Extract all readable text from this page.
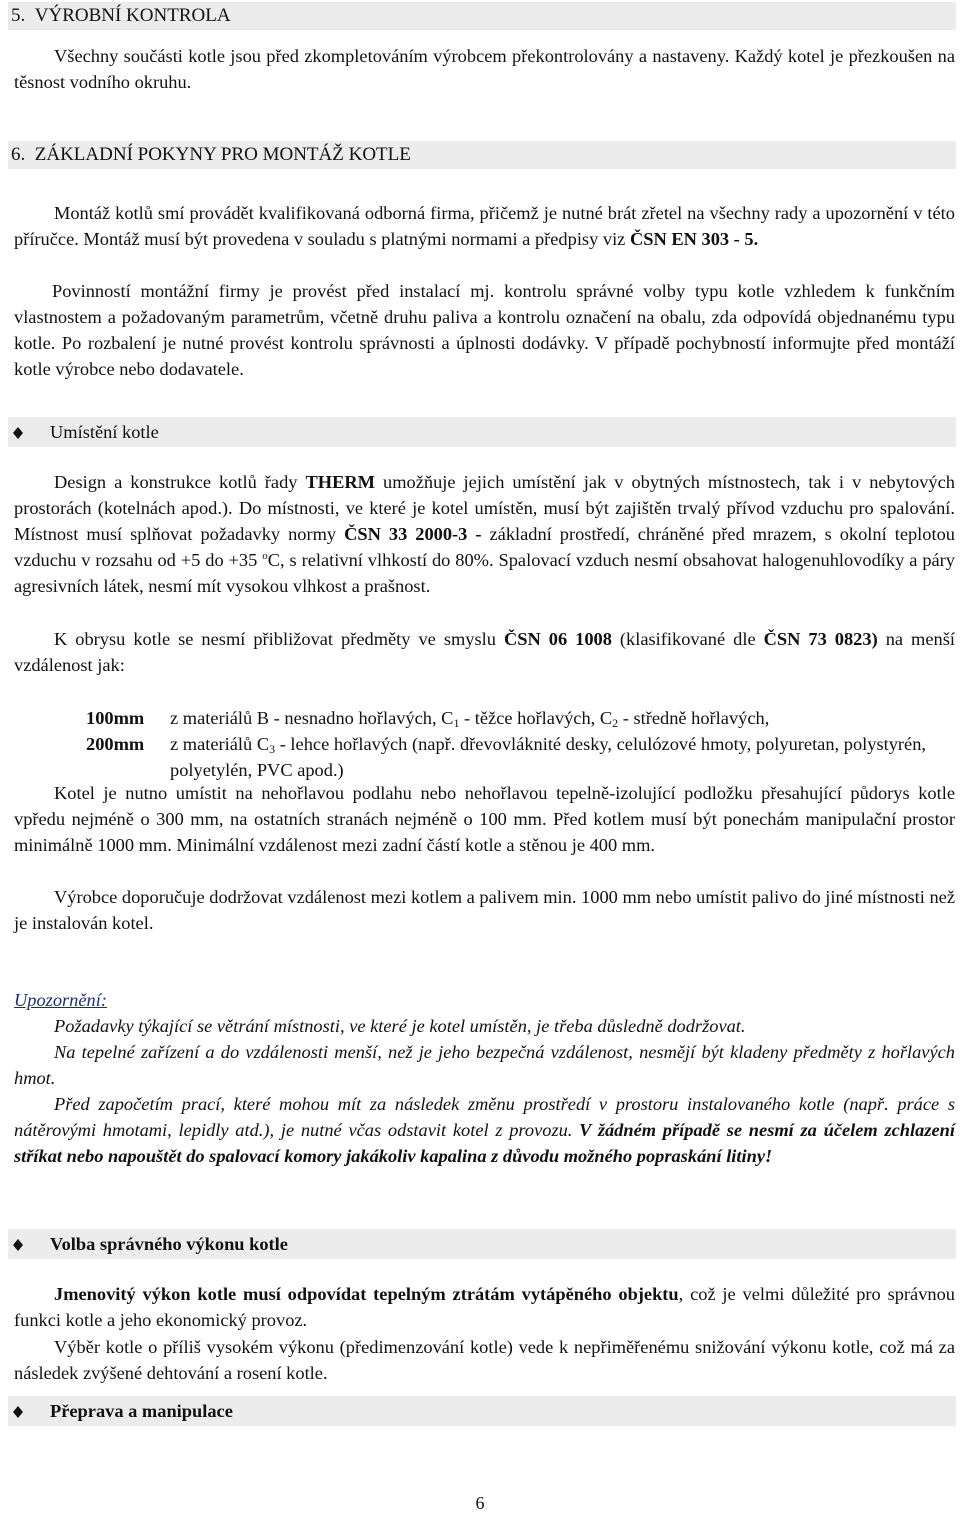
5.  VÝROBNÍ KONTROLA

Všechny součásti kotle jsou před zkompletováním výrobcem překontrolovány a nastaveny. Každý kotel je přezkoušen na těsnost vodního okruhu.

6.  ZÁKLADNÍ POKYNY PRO MONTÁŽ KOTLE

Montáž kotlů smí provádět kvalifikovaná odborná firma, přičemž je nutné brát zřetel na všechny rady a upozornění v této příručce. Montáž musí být provedena v souladu s platnými normami a předpisy viz ČSN EN 303 - 5.

Povinností montážní firmy je provést před instalací mj. kontrolu správné volby typu kotle vzhledem k funkčním vlastnostem a požadovaným parametrům, včetně druhu paliva a kontrolu označení na obalu, zda odpovídá objednanému typu kotle. Po rozbalení je nutné provést kontrolu správnosti a úplnosti dodávky. V případě pochybností informujte před montáží kotle výrobce nebo dodavatele.

Umístění kotle

Design a konstrukce kotlů řady THERM umožňuje jejich umístění jak v obytných místnostech, tak i v nebytových prostorách (kotelnách apod.). Do místnosti, ve které je kotel umístěn, musí být zajištěn trvalý přívod vzduchu pro spalování. Místnost musí splňovat požadavky normy ČSN 33 2000-3 - základní prostředí, chráněné před mrazem, s okolní teplotou vzduchu v rozsahu od +5 do +35 $^o$C, s relativní vlhkostí do 80%. Spalovací vzduch nesmí obsahovat halogenuhlovodíky a páry agresivních látek, nesmí mít vysokou vlhkost a prašnost.

K obrysu kotle se nesmí přibližovat předměty ve smyslu ČSN 06 1008 (klasifikované dle ČSN 73 0823) na menší vzdálenost jak:

100mm z materiálů B - nesnadno hořlavých, $C_1$ - těžce hořlavých, $C_2$ - středně hořlavých,
200mm z materiálů $C_3$ - lehce hořlavých (např. dřevovláknité desky, celulózové hmoty, polyuretan, polystyrén, polyetylén, PVC apod.)

Kotel je nutno umístit na nehořlavou podlahu nebo nehořlavou tepelně-izolující podložku přesahující půdorys kotle vpředu nejméně o 300 mm, na ostatních stranách nejméně o 100 mm. Před kotlem musí být ponechám manipulační prostor minimálně 1000 mm. Minimální vzdálenost mezi zadní částí kotle a stěnou je 400 mm.

Výrobce doporučuje dodržovat vzdálenost mezi kotlem a palivem min. 1000 mm nebo umístit palivo do jiné místnosti než je instalován kotel.

Upozornění:

Požadavky týkající se větrání místnosti, ve které je kotel umístěn, je třeba důsledně dodržovat.

Na tepelné zařízení a do vzdálenosti menší, než je jeho bezpečná vzdálenost, nesmějí být kladeny předměty z hořlavých hmot.

Před započetím prací, které mohou mít za následek změnu prostředí v prostoru instalovaného kotle (např. práce s nátěrovými hmotami, lepidly atd.), je nutné včas odstavit kotel z provozu. V žádném případě se nesmí za účelem zchlazení stříkat nebo napouštět do spalovací komory jakákoliv kapalina z důvodu možného popraskání litiny!

Volba správného výkonu kotle

Jmenovitý výkon kotle musí odpovídat tepelným ztrátám vytápěného objektu, což je velmi důležité pro správnou funkci kotle a jeho ekonomický provoz.

Výběr kotle o příliš vysokém výkonu (předimenzování kotle) vede k nepřiměřenému snižování výkonu kotle, což má za následek zvýšené dehtování a rosení kotle.

Přeprava a manipulace
6
